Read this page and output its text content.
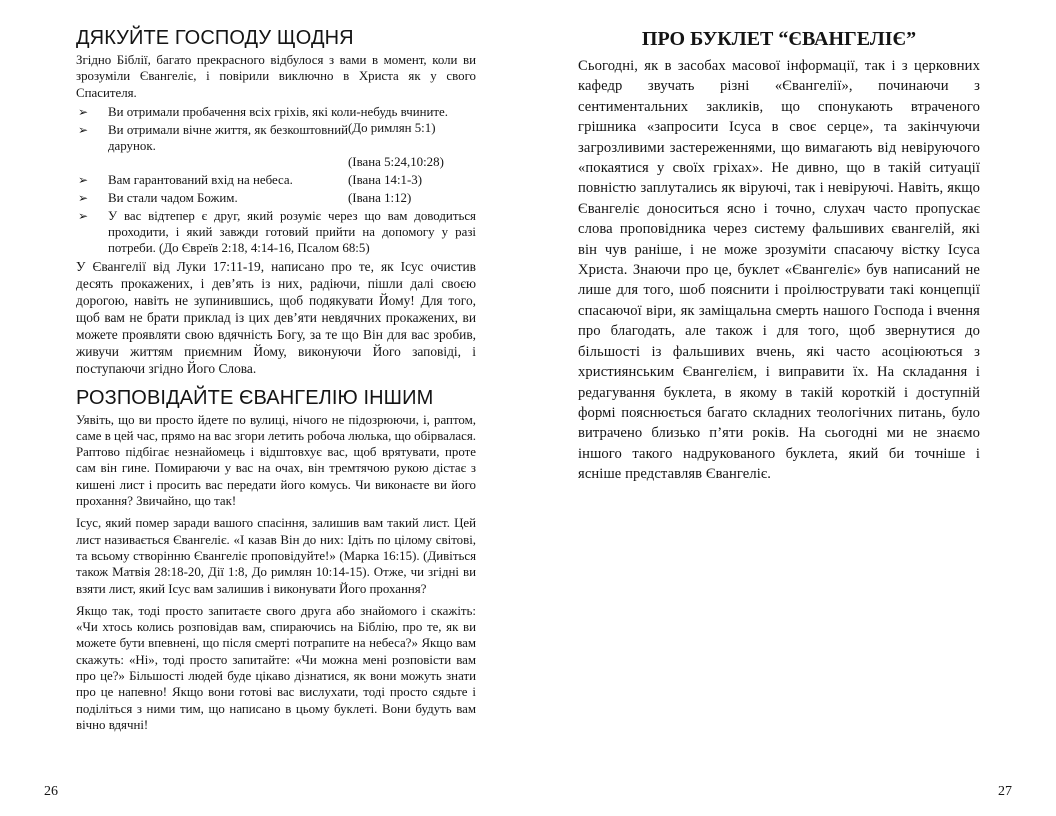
ДЯКУЙТЕ ГОСПОДУ ЩОДНЯ

Згідно Біблії, багато прекрасного відбулося з вами в момент, коли ви зрозуміли Євангеліє, і повірили виключно в Христа як у свого Спасителя.

➢ Ви отримали пробачення всіх гріхів, які коли-небудь вчините.
(До римлян 5:1)
➢ Ви отримали вічне життя, як безкоштовний дарунок.
(Івана 5:24,10:28)
➢ Вам гарантований вхід на небеса.	(Івана 14:1-3)
➢ Ви стали чадом Божим.	(Івана 1:12)
➢ У вас відтепер є друг, який розуміє через що вам доводиться проходити, і який завжди готовий прийти на допомогу у разі потреби. (До Євреїв 2:18, 4:14-16, Псалом 68:5)

У Євангелії від Луки 17:11-19, написано про те, як Ісус очистив десять прокажених, і дев’ять із них, радіючи, пішли далі своєю дорогою, навіть не зупинившись, щоб подякувати Йому! Для того, щоб вам не брати приклад із цих дев’яти невдячних прокажених, ви можете проявляти свою вдячність Богу, за те що Він для вас зробив, живучи життям приємним Йому, виконуючи Його заповіді, і поступаючи згідно Його Слова.

РОЗПОВІДАЙТЕ ЄВАНГЕЛІЮ ІНШИМ

Уявіть, що ви просто йдете по вулиці, нічого не підозрюючи, і, раптом, саме в цей час, прямо на вас згори летить робоча люлька, що обірвалася. Раптово підбігає незнайомець і відштовхує вас, щоб врятувати, проте сам він гине. Помираючи у вас на очах, він тремтячою рукою дістає з кишені лист і просить вас передати його комусь. Чи виконаєте ви його прохання? Звичайно, що так!

Ісус, який помер заради вашого спасіння, залишив вам такий лист. Цей лист називається Євангеліє. «І казав Він до них: Ідіть по цілому світові, та всьому створінню Євангеліє проповідуйте!» (Марка 16:15). (Дивіться також Матвія 28:18-20, Дії 1:8, До римлян 10:14-15). Отже, чи згідні ви взяти лист, який Ісус вам залишив і виконувати Його прохання?

Якщо так, тоді просто запитаєте свого друга або знайомого і скажіть: «Чи хтось колись розповідав вам, спираючись на Біблію, про те, як ви можете бути впевнені, що після смерті потрапите на небеса?» Якщо вам скажуть: «Ні», тоді просто запитайте: «Чи можна мені розповісти вам про це?» Більшості людей буде цікаво дізнатися, як вони можуть знати про це напевно! Якщо вони готові вас вислухати, тоді просто сядьте і поділіться з ними тим, що написано в цьому буклеті. Вони будуть вам вічно вдячні!

26
ПРО БУКЛЕТ “ЄВАНГЕЛІЄ”

Сьогодні, як в засобах масової інформації, так і з церковних кафедр звучать різні «Євангелії», починаючи з сентиментальних закликів, що спонукають втраченого грішника «запросити Ісуса в своє серце», та закінчуючи загрозливими застереженнями, що вимагають від невіруючого «покаятися у своїх гріхах». Не дивно, що в такій ситуації повністю заплутались як віруючі, так і невіруючі. Навіть, якщо Євангеліє доноситься ясно і точно, слухач часто пропускає слова проповідника через систему фальшивих євангелій, які він чув раніше, і не може зрозуміти спасаючу вістку Ісуса Христа. Знаючи про це, буклет «Євангеліє» був написаний не лише для того, шоб пояснити і проілюструвати такі концепції спасаючої віри, як заміщальна смерть нашого Господа і вчення про благодать, але також і для того, щоб звернутися до більшості із фальшивих вчень, які часто асоціюються з християнським Євангелієм, і виправити їх. На складання і редагування буклета, в якому в такій короткій і доступній формі пояснюється багато складних теологічних питань, було витрачено близько п’яти років. На сьогодні ми не знаємо іншого такого надрукованого буклета, який би точніше і ясніше представляв Євангеліє.

27
